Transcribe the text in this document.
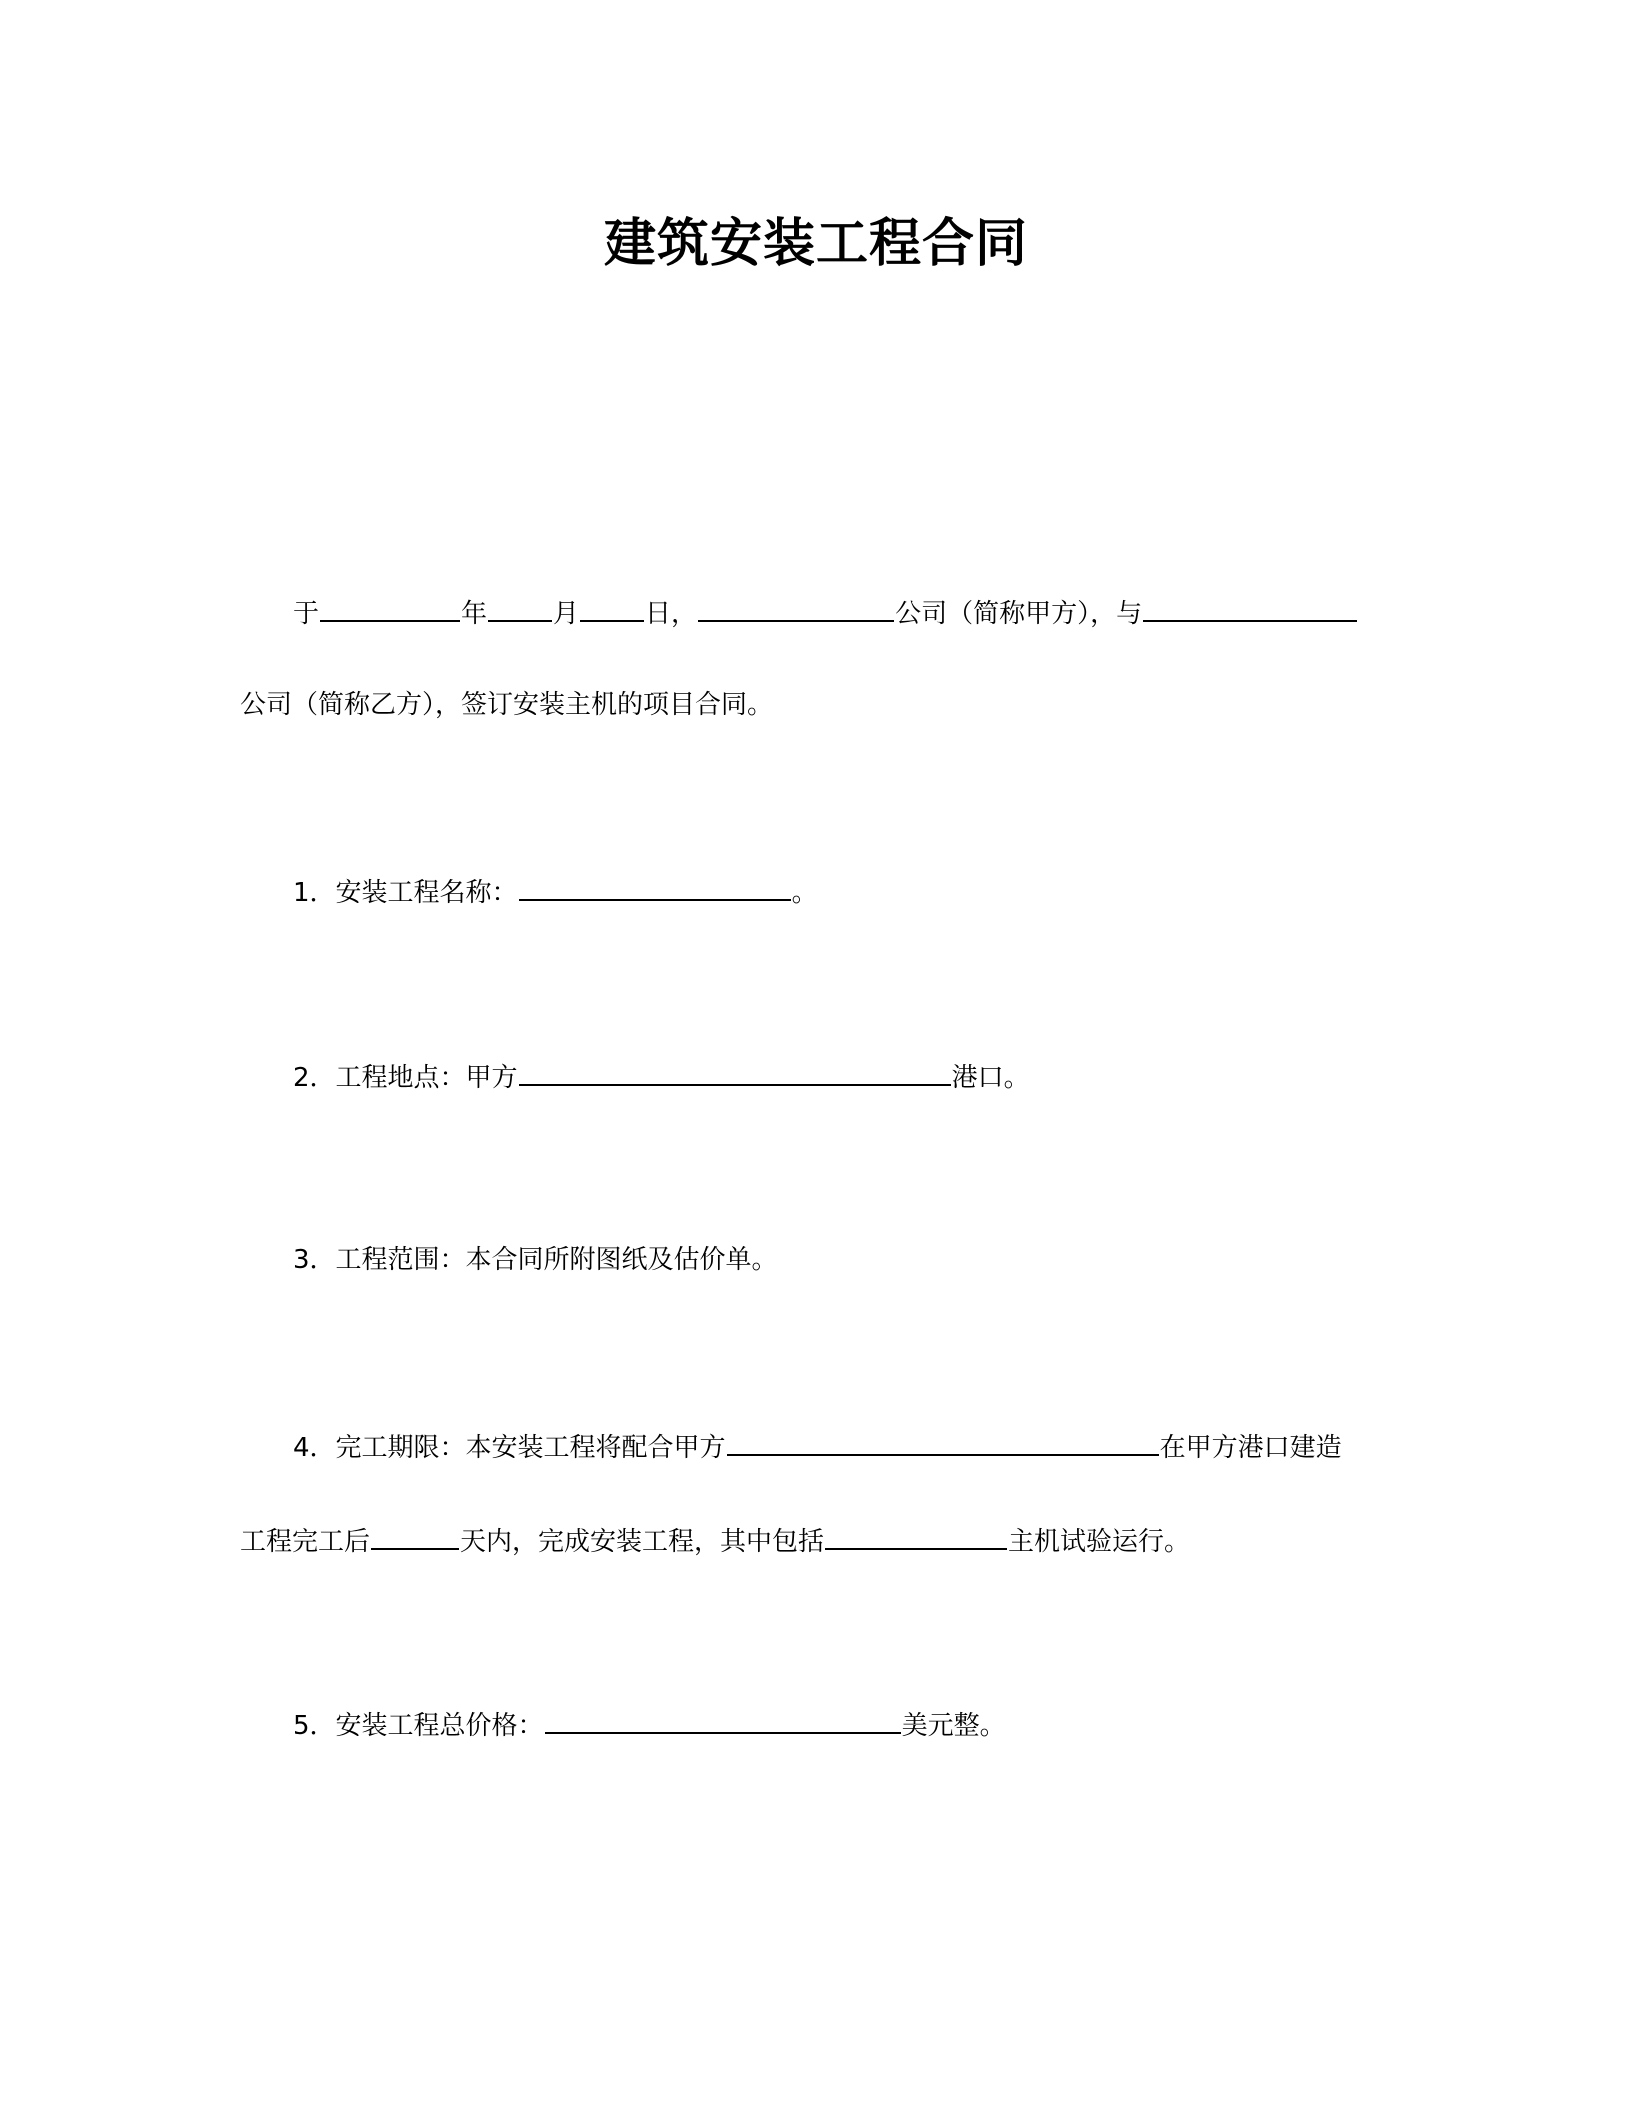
建筑安装工程合同
于	年	月	日，	公司（简称甲方），与
公司（简称乙方），签订安装主机的项目合同。
1．安装工程名称：	。
2．工程地点：甲方	港口。
3．工程范围：本合同所附图纸及估价单。
4．完工期限：本安装工程将配合甲方	在甲方港口建造
工程完工后	天内，完成安装工程，其中包括	主机试验运行。
5．安装工程总价格：	美元整。
